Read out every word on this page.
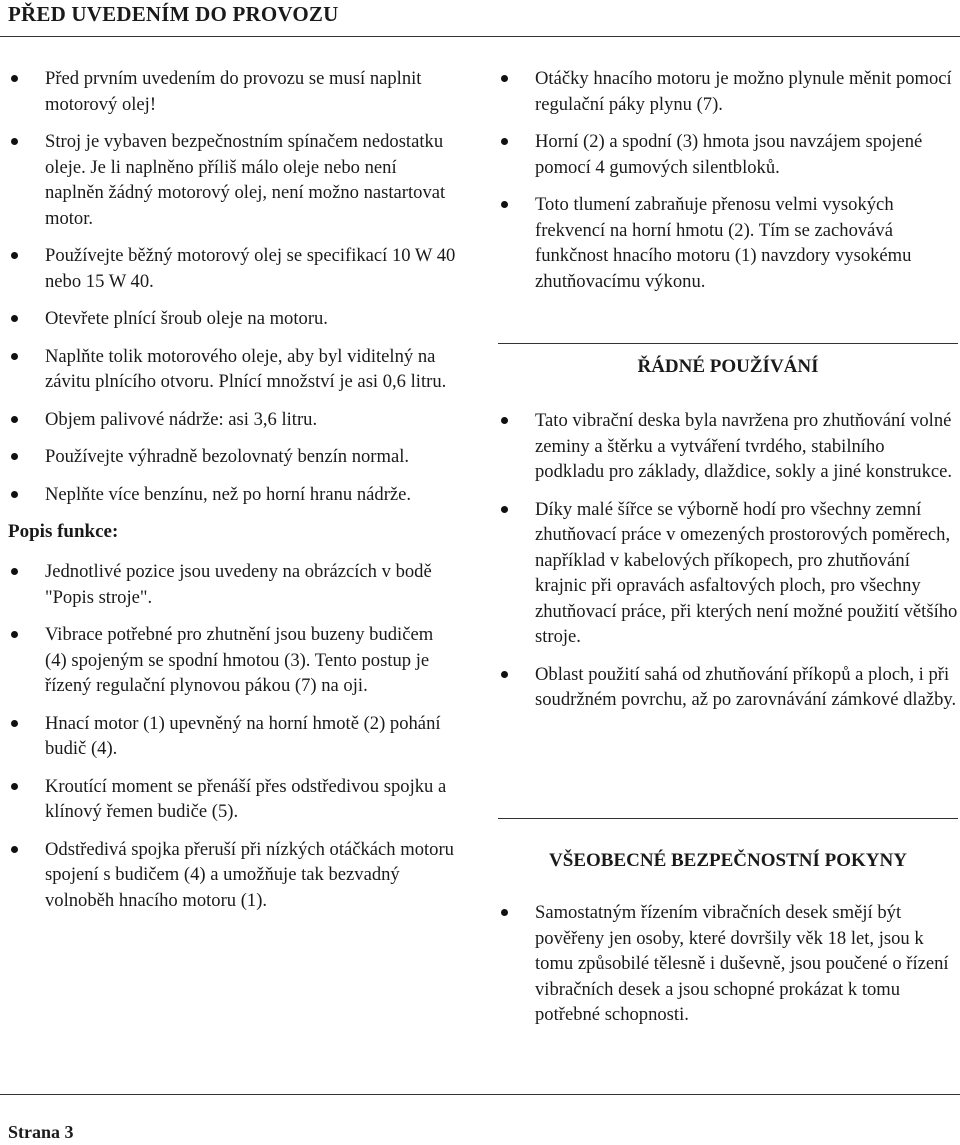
PŘED UVEDENÍM DO PROVOZU
Před prvním uvedením do provozu se musí naplnit motorový olej!
Stroj je vybaven bezpečnostním spínačem nedostatku oleje. Je li naplněno příliš málo oleje nebo není naplněn žádný motorový olej, není možno nastartovat motor.
Používejte běžný motorový olej se specifikací 10 W 40 nebo 15 W 40.
Otevřete plnící šroub oleje na motoru.
Naplňte tolik motorového oleje, aby byl viditelný na závitu plnícího otvoru. Plnící množství je asi 0,6 litru.
Objem palivové nádrže: asi 3,6 litru.
Používejte výhradně bezolovnatý benzín normal.
Neplňte více benzínu, než po horní hranu nádrže.
Popis funkce:
Jednotlivé pozice jsou uvedeny na obrázcích v bodě "Popis stroje".
Vibrace potřebné pro zhutnění jsou buzeny budičem (4) spojeným se spodní hmotou (3). Tento postup je řízený regulační plynovou pákou (7) na oji.
Hnací motor (1) upevněný na horní hmotě (2) pohání budič (4).
Kroutící moment se přenáší přes odstředivou spojku a klínový řemen budiče (5).
Odstředivá spojka přeruší při nízkých otáčkách motoru spojení s budičem (4) a umožňuje tak bezvadný volnoběh hnacího motoru (1).
Otáčky hnacího motoru je možno plynule měnit pomocí regulační páky plynu (7).
Horní (2) a spodní (3) hmota jsou navzájem spojené pomocí 4 gumových silentbloků.
Toto tlumení zabraňuje přenosu velmi vysokých frekvencí na horní hmotu (2). Tím se zachovává funkčnost hnacího motoru (1) navzdory vysokému zhutňovacímu výkonu.
ŘÁDNÉ POUŽÍVÁNÍ
Tato vibrační deska byla navržena pro zhutňování volné zeminy a štěrku a vytváření tvrdého, stabilního podkladu pro základy, dlaždice, sokly a jiné konstrukce.
Díky malé šířce se výborně hodí pro všechny zemní zhutňovací práce v omezených prostorových poměrech, například v kabelových příkopech, pro zhutňování krajnic při opravách asfaltových ploch, pro všechny zhutňovací práce, při kterých není možné použití většího stroje.
Oblast použití sahá od zhutňování příkopů a ploch, i při soudržném povrchu, až po zarovnávání zámkové dlažby.
VŠEOBECNÉ BEZPEČNOSTNÍ POKYNY
Samostatným řízením vibračních desek smějí být pověřeny jen osoby, které dovršily věk 18 let, jsou k tomu způsobilé tělesně i duševně, jsou poučené o řízení vibračních desek a jsou schopné prokázat k tomu potřebné schopnosti.
Strana 3
